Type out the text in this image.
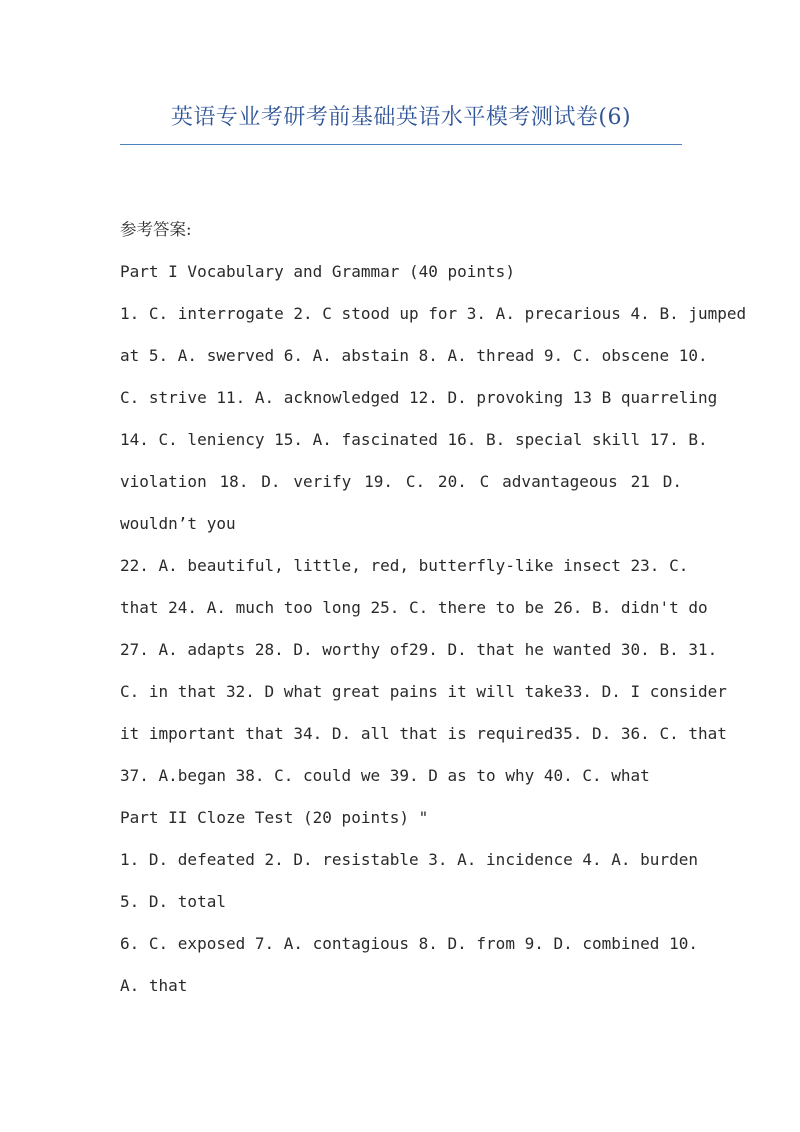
英语专业考研考前基础英语水平模考测试卷(6)
参考答案:
Part I Vocabulary and Grammar (40 points)
1. C. interrogate 2. C stood up for 3. A. precarious 4. B. jumped
at 5. A. swerved 6. A. abstain 8. A. thread 9. C. obscene 10.
C. strive 11. A. acknowledged 12. D. provoking 13 B quarreling
14. C. leniency 15. A. fascinated 16. B. special skill 17. B.
violation 18. D. verify 19. C. 20. C advantageous 21 D.
wouldn’t you
22. A. beautiful, little, red, butterfly-like insect 23. C.
that 24. A. much too long 25. C. there to be 26. B. didn't do
27. A. adapts 28. D. worthy of29. D. that he wanted 30. B. 31.
C. in that 32. D what great pains it will take33. D. I consider
it important that 34. D. all that is required35. D. 36. C. that
37. A.began 38. C. could we 39. D as to why 40. C. what
Part II Cloze Test (20 points) "
1. D. defeated 2. D. resistable 3. A. incidence 4. A. burden
5. D. total
6. C. exposed 7. A. contagious 8. D. from 9. D. combined 10.
A. that
